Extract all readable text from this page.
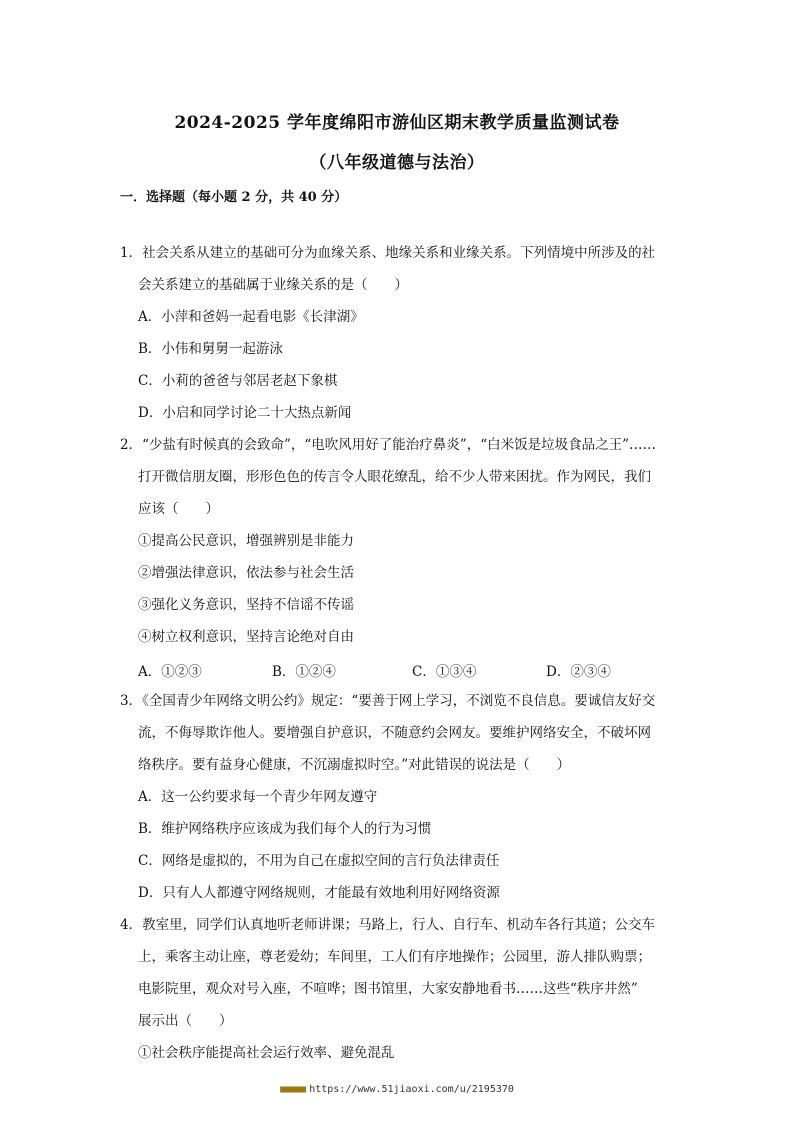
2024-2025 学年度绵阳市游仙区期末教学质量监测试卷
（八年级道德与法治）
一．选择题（每小题 2 分，共 40 分）
1．社会关系从建立的基础可分为血缘关系、地缘关系和业缘关系。下列情境中所涉及的社
会关系建立的基础属于业缘关系的是（　　）
A．小萍和爸妈一起看电影《长津湖》
B．小伟和舅舅一起游泳
C．小莉的爸爸与邻居老赵下象棋
D．小启和同学讨论二十大热点新闻
2．“少盐有时候真的会致命”，“电吹风用好了能治疗鼻炎”，“白米饭是垃圾食品之王”……
打开微信朋友圈，形形色色的传言令人眼花缭乱，给不少人带来困扰。作为网民，我们
应该（　　）
①提高公民意识，增强辨别是非能力
②增强法律意识，依法参与社会生活
③强化义务意识，坚持不信谣不传谣
④树立权利意识，坚持言论绝对自由
A．①②③	B．①②④	C．①③④	D．②③④
3．《全国青少年网络文明公约》规定：“要善于网上学习，不浏览不良信息。要诚信友好交
流，不侮辱欺诈他人。要增强自护意识，不随意约会网友。要维护网络安全，不破坏网
络秩序。要有益身心健康，不沉溺虚拟时空。”对此错误的说法是（　　）
A．这一公约要求每一个青少年网友遵守
B．维护网络秩序应该成为我们每个人的行为习惯
C．网络是虚拟的，不用为自己在虚拟空间的言行负法律责任
D．只有人人都遵守网络规则，才能最有效地利用好网络资源
4．教室里，同学们认真地听老师讲课；马路上，行人、自行车、机动车各行其道；公交车
上，乘客主动让座，尊老爱幼；车间里，工人们有序地操作；公园里，游人排队购票；
电影院里，观众对号入座，不喧哗；图书馆里，大家安静地看书……这些“秩序井然”
展示出（　　）
①社会秩序能提高社会运行效率、避免混乱
■■■■■ https://www.51jiaoxi.com/u/2195370
